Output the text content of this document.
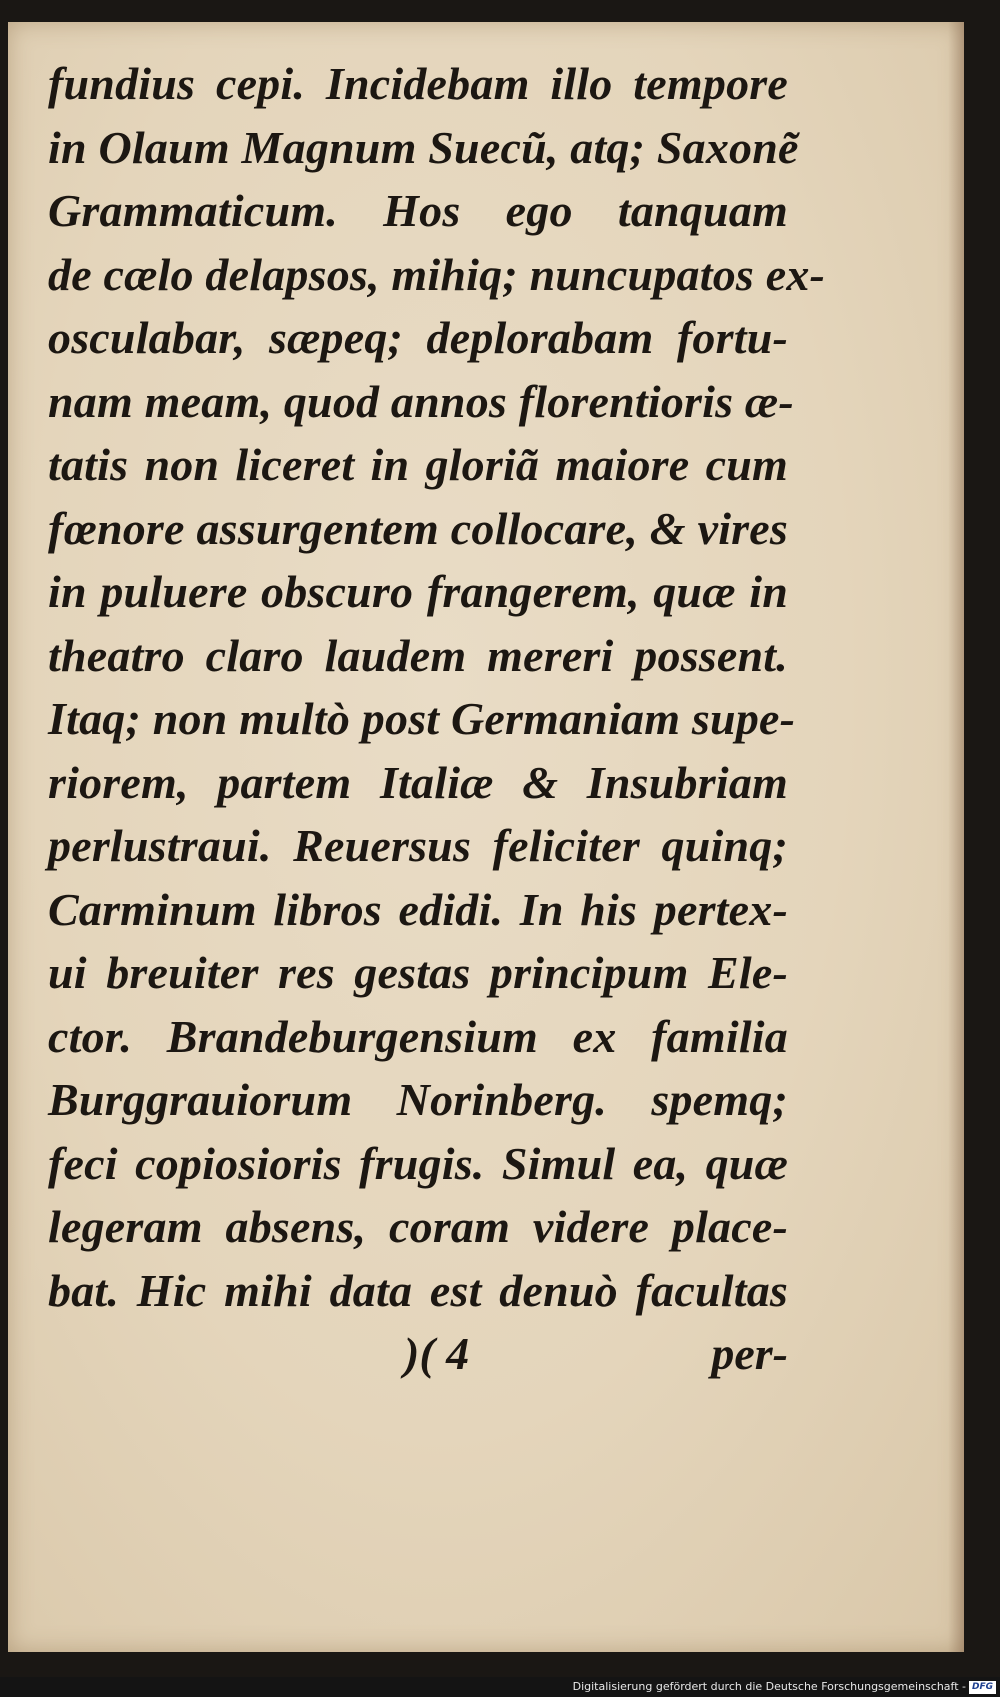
fundius cepi. Incidebam illo tempore
in Olaum Magnum Suecũ, atq; Saxonẽ
Grammaticum. Hos ego tanquam
de cælo delapsos, mihiq; nuncupatos ex-
osculabar, sæpeq; deplorabam fortu-
nam meam, quod annos florentioris æ-
tatis non liceret in gloriã maiore cum
fœnore assurgentem collocare, & vires
in puluere obscuro frangerem, quæ in
theatro claro laudem mereri possent.
Itaq; non multò post Germaniam supe-
riorem, partem Italiæ & Insubriam
perlustraui. Reuersus feliciter quinq;
Carminum libros edidi. In his pertex-
ui breuiter res gestas principum Ele-
ctor. Brandeburgensium ex familia
Burggrauiorum Norinberg. spemq;
feci copiosioris frugis. Simul ea, quæ
legeram absens, coram videre place-
bat. Hic mihi data est denuò facultas
)( 4	per-
Digitalisierung gefördert durch die Deutsche Forschungsgemeinschaft - DFG
